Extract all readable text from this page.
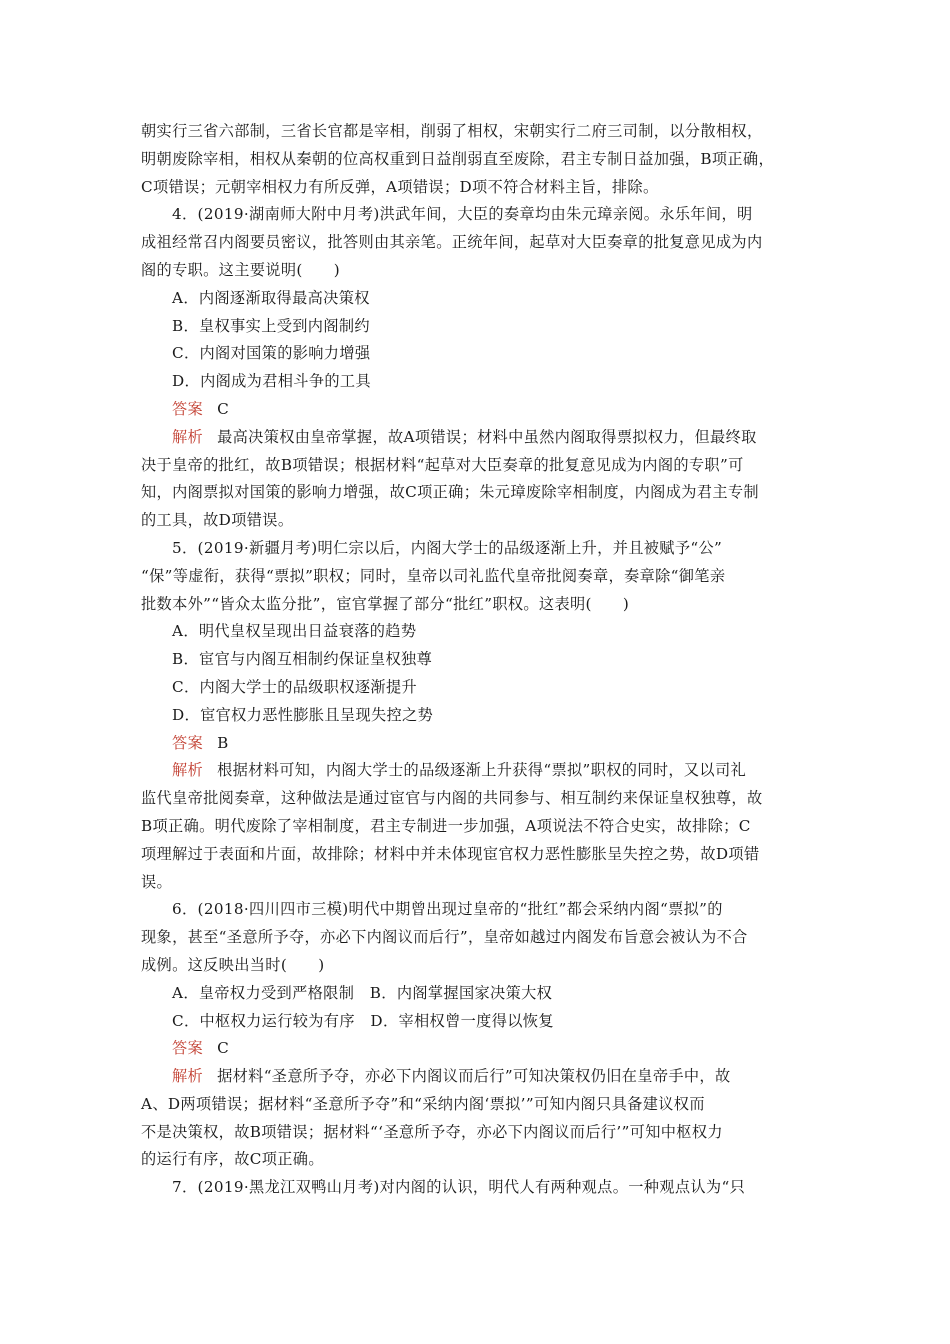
朝实行三省六部制，三省长官都是宰相，削弱了相权，宋朝实行二府三司制，以分散相权，
明朝废除宰相，相权从秦朝的位高权重到日益削弱直至废除，君主专制日益加强，B项正确，
C项错误；元朝宰相权力有所反弹，A项错误；D项不符合材料主旨，排除。
4．(2019·湖南师大附中月考)洪武年间，大臣的奏章均由朱元璋亲阅。永乐年间，明
成祖经常召内阁要员密议，批答则由其亲笔。正统年间，起草对大臣奏章的批复意见成为内
阁的专职。这主要说明(　　)
A．内阁逐渐取得最高决策权
B．皇权事实上受到内阁制约
C．内阁对国策的影响力增强
D．内阁成为君相斗争的工具
答案 C
解析 最高决策权由皇帝掌握，故A项错误；材料中虽然内阁取得票拟权力，但最终取
决于皇帝的批红，故B项错误；根据材料“起草对大臣奏章的批复意见成为内阁的专职”可
知，内阁票拟对国策的影响力增强，故C项正确；朱元璋废除宰相制度，内阁成为君主专制
的工具，故D项错误。
5．(2019·新疆月考)明仁宗以后，内阁大学士的品级逐渐上升，并且被赋予“公”
“保”等虚衔，获得“票拟”职权；同时，皇帝以司礼监代皇帝批阅奏章，奏章除“御笔亲
批数本外”“皆众太监分批”，宦官掌握了部分“批红”职权。这表明(　　)
A．明代皇权呈现出日益衰落的趋势
B．宦官与内阁互相制约保证皇权独尊
C．内阁大学士的品级职权逐渐提升
D．宦官权力恶性膨胀且呈现失控之势
答案 B
解析 根据材料可知，内阁大学士的品级逐渐上升获得“票拟”职权的同时，又以司礼
监代皇帝批阅奏章，这种做法是通过宦官与内阁的共同参与、相互制约来保证皇权独尊，故
B项正确。明代废除了宰相制度，君主专制进一步加强，A项说法不符合史实，故排除；C
项理解过于表面和片面，故排除；材料中并未体现宦官权力恶性膨胀呈失控之势，故D项错
误。
6．(2018·四川四市三模)明代中期曾出现过皇帝的“批红”都会采纳内阁“票拟”的
现象，甚至“圣意所予夺，亦必下内阁议而后行”，皇帝如越过内阁发布旨意会被认为不合
成例。这反映出当时(　　)
A．皇帝权力受到严格限制　B．内阁掌握国家决策大权
C．中枢权力运行较为有序　D．宰相权曾一度得以恢复
答案 C
解析 据材料“圣意所予夺，亦必下内阁议而后行”可知决策权仍旧在皇帝手中，故
A、D两项错误；据材料“圣意所予夺”和“采纳内阁‘票拟’”可知内阁只具备建议权而
不是决策权，故B项错误；据材料“‘圣意所予夺，亦必下内阁议而后行’”可知中枢权力
的运行有序，故C项正确。
7．(2019·黑龙江双鸭山月考)对内阁的认识，明代人有两种观点。一种观点认为“只
